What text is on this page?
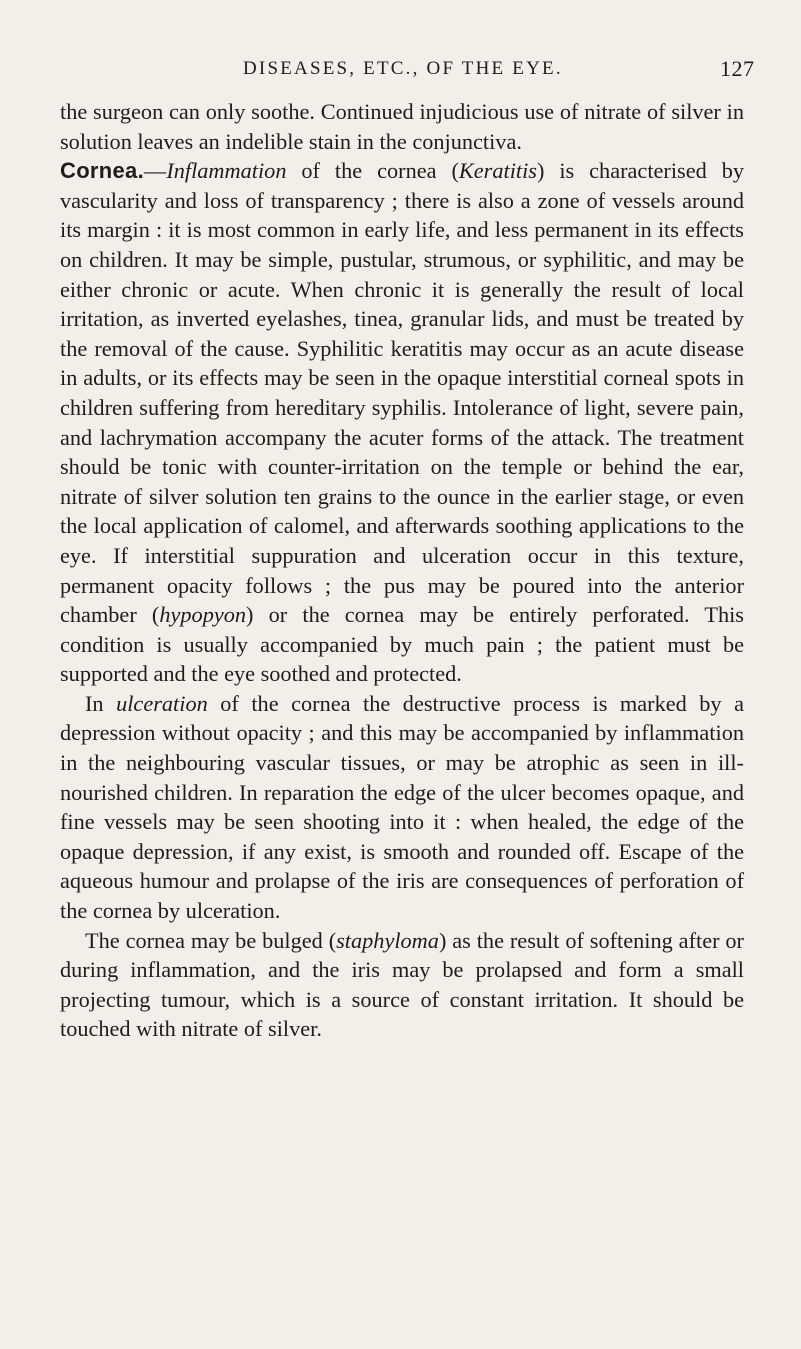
DISEASES, ETC., OF THE EYE.	127

the surgeon can only soothe. Continued injudicious use of nitrate of silver in solution leaves an indelible stain in the conjunctiva.

Cornea.—Inflammation of the cornea (Keratitis) is characterised by vascularity and loss of transparency ; there is also a zone of vessels around its margin : it is most common in early life, and less permanent in its effects on children. It may be simple, pustular, strumous, or syphilitic, and may be either chronic or acute. When chronic it is generally the result of local irritation, as inverted eyelashes, tinea, granular lids, and must be treated by the removal of the cause. Syphilitic keratitis may occur as an acute disease in adults, or its effects may be seen in the opaque interstitial corneal spots in children suffering from hereditary syphilis. Intolerance of light, severe pain, and lachrymation accompany the acuter forms of the attack. The treatment should be tonic with counter-irritation on the temple or behind the ear, nitrate of silver solution ten grains to the ounce in the earlier stage, or even the local application of calomel, and afterwards soothing applications to the eye. If interstitial suppuration and ulceration occur in this texture, permanent opacity follows ; the pus may be poured into the anterior chamber (hypopyon) or the cornea may be entirely perforated. This condition is usually accompanied by much pain ; the patient must be supported and the eye soothed and protected.

In ulceration of the cornea the destructive process is marked by a depression without opacity ; and this may be accompanied by inflammation in the neighbouring vascular tissues, or may be atrophic as seen in ill-nourished children. In reparation the edge of the ulcer becomes opaque, and fine vessels may be seen shooting into it : when healed, the edge of the opaque depression, if any exist, is smooth and rounded off. Escape of the aqueous humour and prolapse of the iris are consequences of perforation of the cornea by ulceration.

The cornea may be bulged (staphyloma) as the result of softening after or during inflammation, and the iris may be prolapsed and form a small projecting tumour, which is a source of constant irritation. It should be touched with nitrate of silver.
